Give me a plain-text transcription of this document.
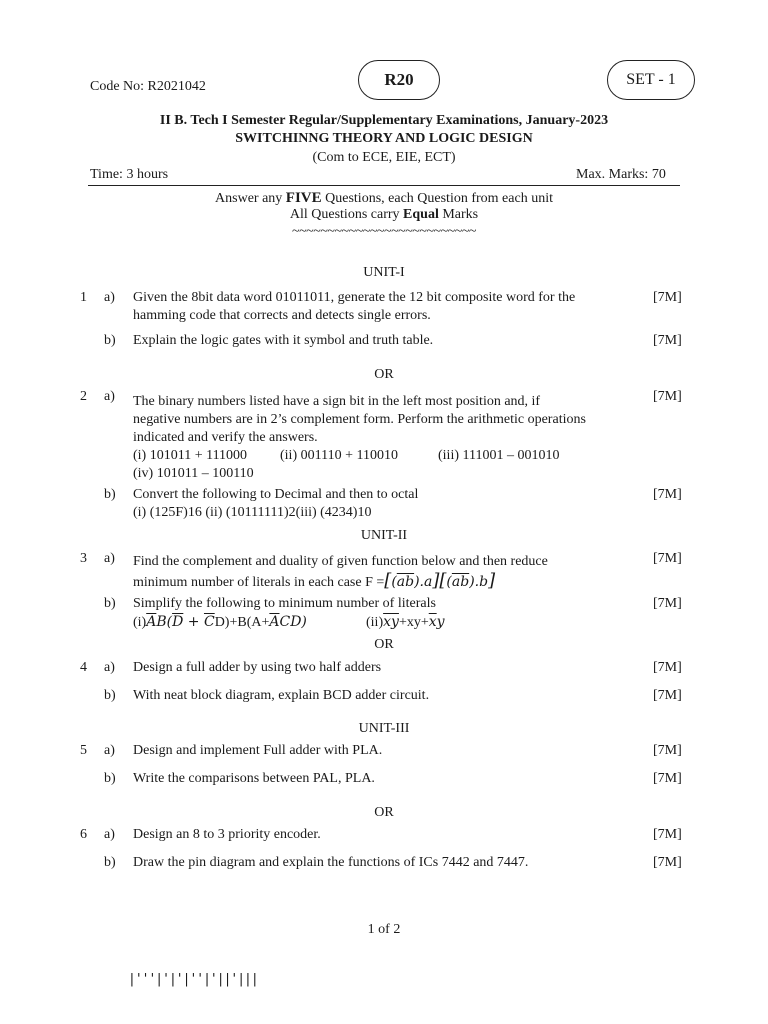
Code No: R2021042	R20	SET - 1
II B. Tech I Semester Regular/Supplementary Examinations, January-2023
SWITCHINNG THEORY AND LOGIC DESIGN
(Com to ECE, EIE, ECT)
Time: 3 hours	Max. Marks: 70
Answer any FIVE Questions, each Question from each unit
All Questions carry Equal Marks
~~~~~~~~~~~~~~~~~~~~~~~~~~
UNIT-I
1	a)	Given the 8bit data word 01011011, generate the 12 bit composite word for the
hamming code that corrects and detects single errors.
[7M]
b)	Explain the logic gates with it symbol and truth table.	[7M]
OR
2	a)	The binary numbers listed have a sign bit in the left most position and, if
negative numbers are in 2’s complement form. Perform the arithmetic operations
indicated and verify the answers.
(i) 101011 + 111000 (ii) 001110 + 110010	(iii) 111001 – 001010
(iv) 101011 – 100110
[7M]
b)	Convert the following to Decimal and then to octal
(i) (125F)16 (ii) (10111111)2(iii) (4234)10
[7M]
UNIT-II
3	a)	Find the complement and duality of given function below and then reduce
minimum number of literals in each case $F =[(\overline{ab}).a][(\overline{ab}).b]$
[7M]
b)	Simplify the following to minimum number of literals
$(i)\overline{A}B(\overline{D} + \overline{C}D)+B(A+\overline{A}CD)$	$(ii)\overline{x}\overline{y}+xy+\overline{x}y$
[7M]
OR
4	a)	Design a full adder by using two half adders	[7M]
b)	With neat block diagram, explain BCD adder circuit.	[7M]
UNIT-III
5	a)	Design and implement Full adder with PLA.	[7M]
b)	Write the comparisons between PAL, PLA.	[7M]
OR
6	a)	Design an 8 to 3 priority encoder.	[7M]
b)	Draw the pin diagram and explain the functions of ICs 7442 and 7447.	[7M]
1 of 2
|'''|'|'|''|'||'|||
